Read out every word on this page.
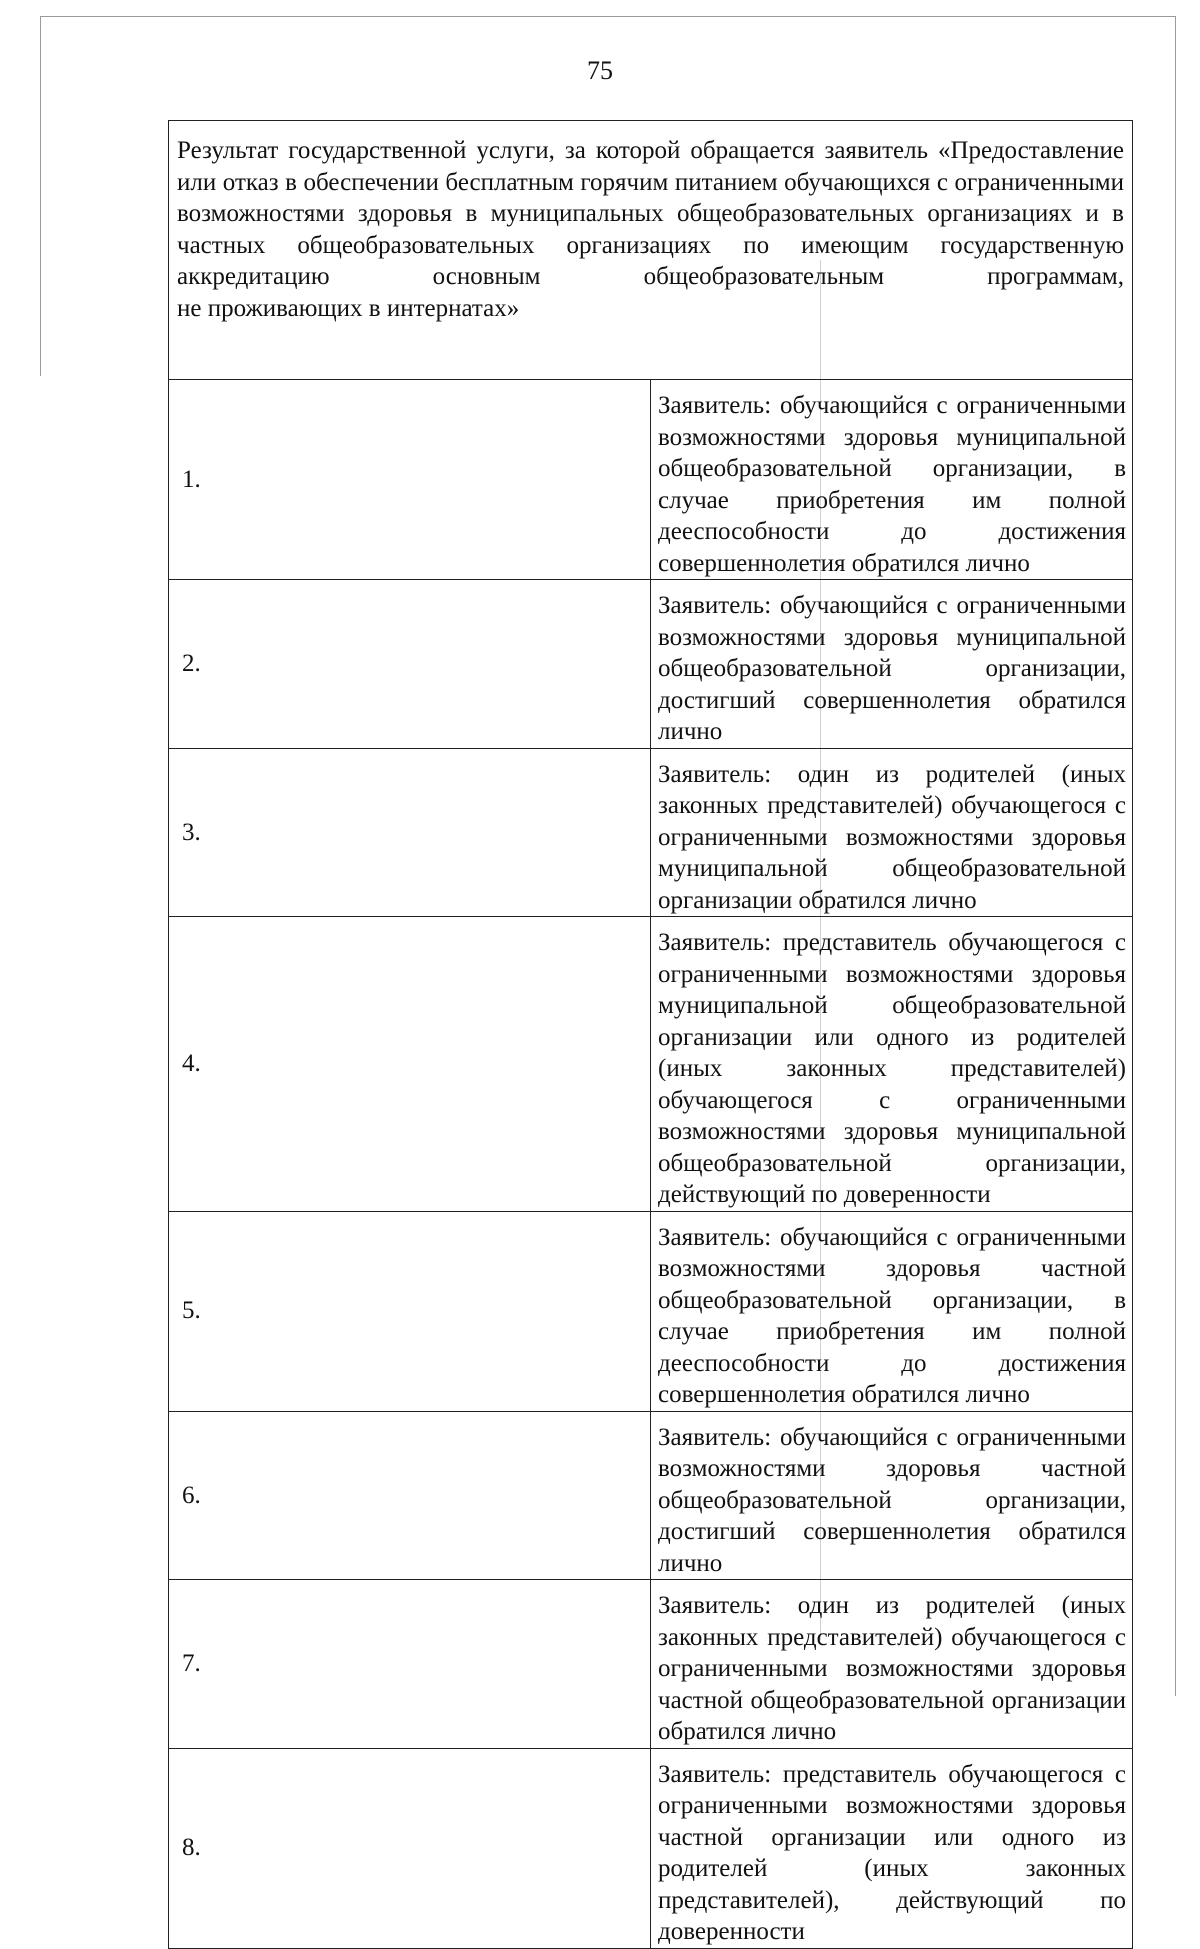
75
Результат государственной услуги, за которой обращается заявитель «Предоставление или отказ в обеспечении бесплатным горячим питанием обучающихся с ограниченными возможностями здоровья в муниципальных общеобразовательных организациях и в частных общеобразовательных организациях по имеющим государственную аккредитацию основным общеобразовательным программам,
не проживающих в интернатах»	

1.	Заявитель: обучающийся с ограниченными возможностями здоровья муниципальной общеобразовательной организации, в случае приобретения им полной дееспособности до достижения совершеннолетия обратился лично

2.	Заявитель: обучающийся с ограниченными возможностями здоровья муниципальной общеобразовательной организации, достигший совершеннолетия обратился лично

3.	Заявитель: один из родителей (иных законных представителей) обучающегося с ограниченными возможностями здоровья муниципальной общеобразовательной организации обратился лично

4.	Заявитель: представитель обучающегося с ограниченными возможностями здоровья муниципальной общеобразовательной организации или одного из родителей (иных законных представителей) обучающегося с ограниченными возможностями здоровья муниципальной общеобразовательной организации, действующий по доверенности

5.	Заявитель: обучающийся с ограниченными возможностями здоровья частной общеобразовательной организации, в случае приобретения им полной дееспособности до достижения совершеннолетия обратился лично

6.	Заявитель: обучающийся с ограниченными возможностями здоровья частной общеобразовательной организации, достигший совершеннолетия обратился лично

7.	Заявитель: один из родителей (иных законных представителей) обучающегося с ограниченными возможностями здоровья частной общеобразовательной организации обратился лично

8.	Заявитель: представитель обучающегося с ограниченными возможностями здоровья частной организации или одного из родителей (иных законных представителей), действующий по доверенности
